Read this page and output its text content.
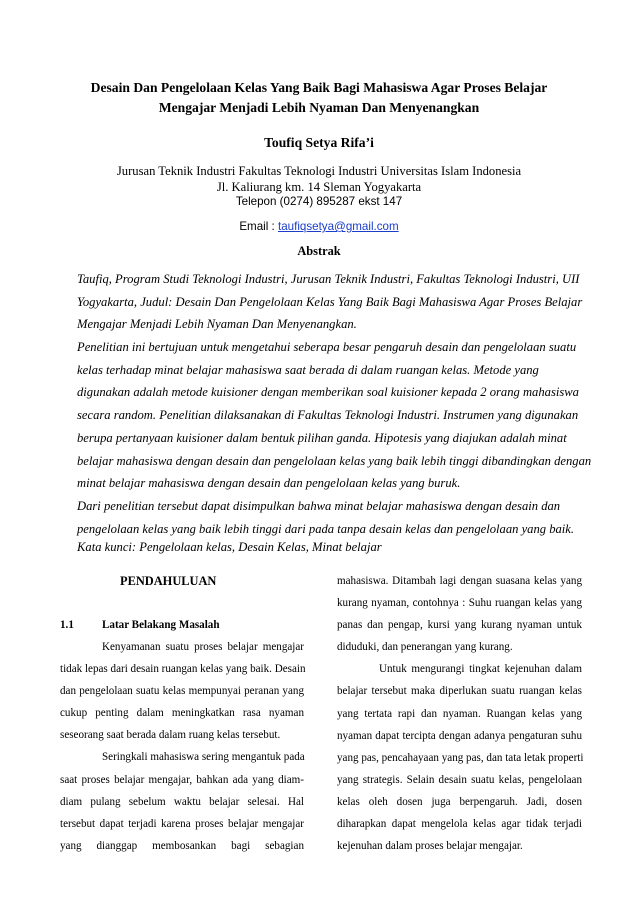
Desain Dan Pengelolaan Kelas Yang Baik Bagi Mahasiswa Agar Proses Belajar
Mengajar Menjadi Lebih Nyaman Dan Menyenangkan
Toufiq Setya Rifa’i
Jurusan Teknik Industri Fakultas Teknologi Industri Universitas Islam Indonesia
Jl. Kaliurang km. 14 Sleman Yogyakarta
Telepon (0274) 895287 ekst 147
Email : taufiqsetya@gmail.com
Abstrak
Taufiq, Program Studi Teknologi Industri, Jurusan Teknik Industri, Fakultas Teknologi Industri, UII
Yogyakarta, Judul: Desain Dan Pengelolaan Kelas Yang Baik Bagi Mahasiswa Agar Proses Belajar
Mengajar Menjadi Lebih Nyaman Dan Menyenangkan.
Penelitian ini bertujuan untuk mengetahui seberapa besar pengaruh desain dan pengelolaan suatu
kelas terhadap minat belajar mahasiswa saat berada di dalam ruangan kelas. Metode yang
digunakan adalah metode kuisioner dengan memberikan soal kuisioner kepada 2 orang mahasiswa
secara random. Penelitian dilaksanakan di Fakultas Teknologi Industri. Instrumen yang digunakan
berupa pertanyaan kuisioner dalam bentuk pilihan ganda. Hipotesis yang diajukan adalah minat
belajar mahasiswa dengan desain dan pengelolaan kelas yang baik lebih tinggi dibandingkan dengan
minat belajar mahasiswa dengan desain dan pengelolaan kelas yang buruk.
Dari penelitian tersebut dapat disimpulkan bahwa minat belajar mahasiswa dengan desain dan
pengelolaan kelas yang baik lebih tinggi dari pada tanpa desain kelas dan pengelolaan yang baik.
Kata kunci: Pengelolaan kelas, Desain Kelas, Minat belajar
PENDAHULUAN
1.1	Latar Belakang Masalah
Kenyamanan suatu proses belajar mengajar
tidak lepas dari desain ruangan kelas yang baik. Desain
dan pengelolaan suatu kelas mempunyai peranan yang
cukup penting dalam meningkatkan rasa nyaman
seseorang saat berada dalam ruang kelas tersebut.
Seringkali mahasiswa sering mengantuk pada
saat proses belajar mengajar, bahkan ada yang diam-
diam pulang sebelum waktu belajar selesai. Hal
tersebut dapat terjadi karena proses belajar mengajar
yang dianggap membosankan bagi sebagian
mahasiswa. Ditambah lagi dengan suasana kelas yang
kurang nyaman, contohnya : Suhu ruangan kelas yang
panas dan pengap, kursi yang kurang nyaman untuk
diduduki, dan penerangan yang kurang.
Untuk mengurangi tingkat kejenuhan dalam
belajar tersebut maka diperlukan suatu ruangan kelas
yang tertata rapi dan nyaman. Ruangan kelas yang
nyaman dapat tercipta dengan adanya pengaturan suhu
yang pas, pencahayaan yang pas, dan tata letak properti
yang strategis. Selain desain suatu kelas, pengelolaan
kelas oleh dosen juga berpengaruh. Jadi, dosen
diharapkan dapat mengelola kelas agar tidak terjadi
kejenuhan dalam proses belajar mengajar.
